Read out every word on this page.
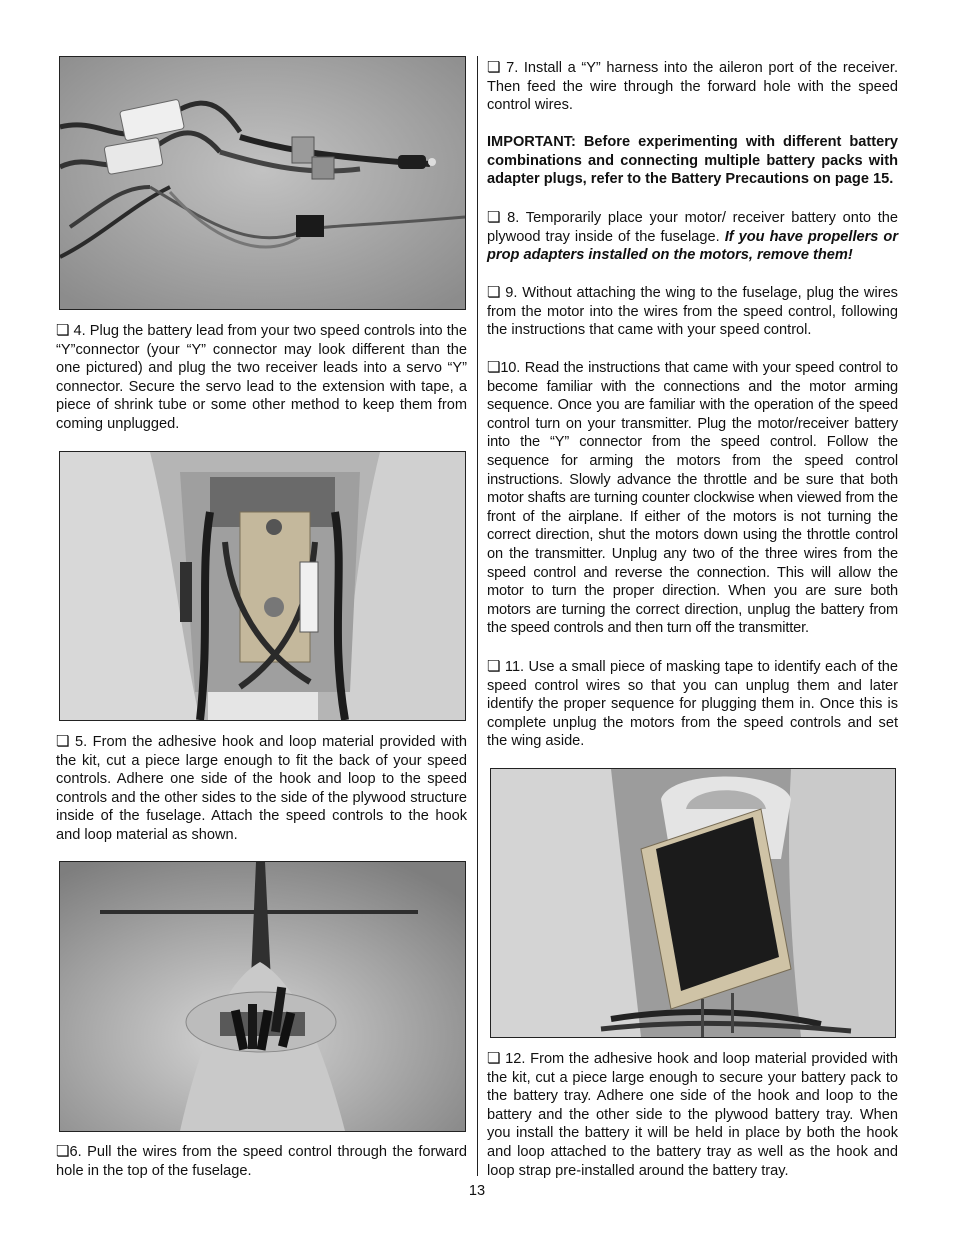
❏ 4. Plug the battery lead from your two speed controls into the “Y”connector (your “Y” connector may look different than the one pictured) and plug the two receiver leads into a servo “Y” connector. Secure the servo lead to the extension with tape, a piece of shrink tube or some other method to keep them from coming unplugged.

❏ 5. From the adhesive hook and loop material provided with the kit, cut a piece large enough to fit the back of your speed controls. Adhere one side of the hook and loop to the speed controls and the other sides to the side of the plywood structure inside of the fuselage. Attach the speed controls to the hook and loop material as shown.

❏6. Pull the wires from the speed control through the forward hole in the top of the fuselage.

❏ 7. Install a “Y” harness into the aileron port of the receiver. Then feed the wire through the forward hole with the speed control wires.

IMPORTANT: Before experimenting with different battery combinations and connecting multiple battery packs with adapter plugs, refer to the Battery Precautions on page 15.

❏ 8. Temporarily place your motor/ receiver battery onto the plywood tray inside of the fuselage. If you have propellers or prop adapters installed on the motors, remove them!

❏ 9. Without attaching the wing to the fuselage, plug the wires from the motor into the wires from the speed control, following the instructions that came with your speed control.

❏10. Read the instructions that came with your speed control to become familiar with the connections and the motor arming sequence. Once you are familiar with the operation of the speed control turn on your transmitter. Plug the motor/receiver battery into the “Y” connector from the speed control. Follow the sequence for arming the motors from the speed control instructions. Slowly advance the throttle and be sure that both motor shafts are turning counter clockwise when viewed from the front of the airplane. If either of the motors is not turning the correct direction, shut the motors down using the throttle control on the transmitter. Unplug any two of the three wires from the speed control and reverse the connection. This will allow the motor to turn the proper direction. When you are sure both motors are turning the correct direction, unplug the battery from the speed controls and then turn off the transmitter.

❏ 11. Use a small piece of masking tape to identify each of the speed control wires so that you can unplug them and later identify the proper sequence for plugging them in. Once this is complete unplug the motors from the speed controls and set the wing aside.

❏ 12. From the adhesive hook and loop material provided with the kit, cut a piece large enough to secure your battery pack to the battery tray. Adhere one side of the hook and loop to the battery and the other side to the plywood battery tray. When you install the battery it will be held in place by both the hook and loop attached to the battery tray as well as the hook and loop strap pre-installed around the battery tray.

13
